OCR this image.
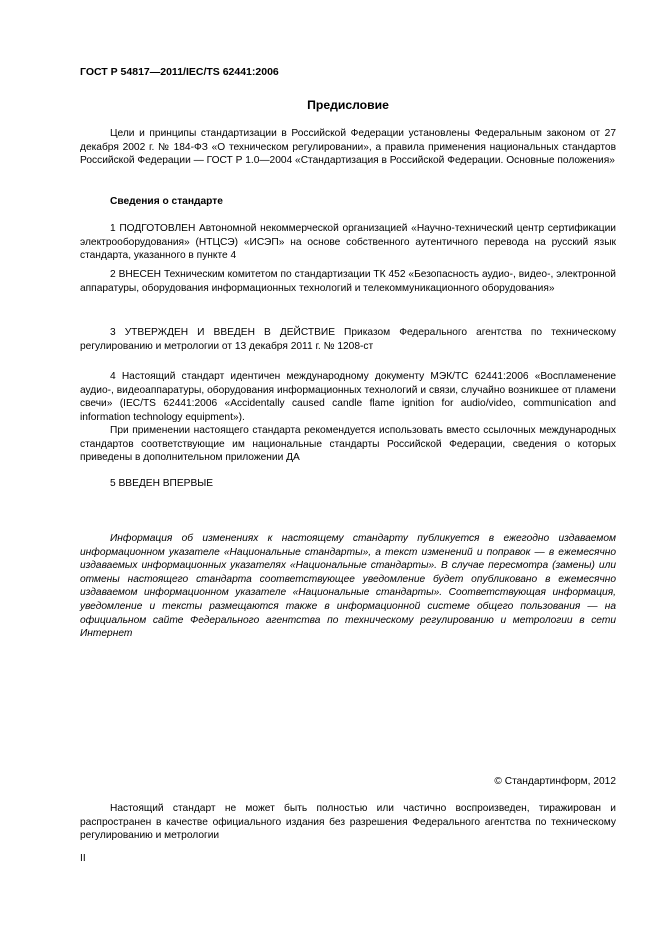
ГОСТ Р 54817—2011/IEC/TS 62441:2006
Предисловие

Цели и принципы стандартизации в Российской Федерации установлены Федеральным законом от 27 декабря 2002 г. № 184-ФЗ «О техническом регулировании», а правила применения национальных стандартов Российской Федерации — ГОСТ Р 1.0—2004 «Стандартизация в Российской Федерации. Основные положения»

Сведения о стандарте

1 ПОДГОТОВЛЕН Автономной некоммерческой организацией «Научно-технический центр сертификации электрооборудования» (НТЦСЭ) «ИСЭП» на основе собственного аутентичного перевода на русский язык стандарта, указанного в пункте 4

2 ВНЕСЕН Техническим комитетом по стандартизации ТК 452 «Безопасность аудио-, видео-, электронной аппаратуры, оборудования информационных технологий и телекоммуникационного оборудования»

3 УТВЕРЖДЕН И ВВЕДЕН В ДЕЙСТВИЕ Приказом Федерального агентства по техническому регулированию и метрологии от 13 декабря 2011 г. № 1208-ст

4 Настоящий стандарт идентичен международному документу МЭК/ТС 62441:2006 «Воспламенение аудио-, видеоаппаратуры, оборудования информационных технологий и связи, случайно возникшее от пламени свечи» (IEC/TS 62441:2006 «Accidentally caused candle flame ignition for audio/video, communication and information technology equipment»).

При применении настоящего стандарта рекомендуется использовать вместо ссылочных международных стандартов соответствующие им национальные стандарты Российской Федерации, сведения о которых приведены в дополнительном приложении ДА

5 ВВЕДЕН ВПЕРВЫЕ

Информация об изменениях к настоящему стандарту публикуется в ежегодно издаваемом информационном указателе «Национальные стандарты», а текст изменений и поправок — в ежемесячно издаваемых информационных указателях «Национальные стандарты». В случае пересмотра (замены) или отмены настоящего стандарта соответствующее уведомление будет опубликовано в ежемесячно издаваемом информационном указателе «Национальные стандарты». Соответствующая информация, уведомление и тексты размещаются также в информационной системе общего пользования — на официальном сайте Федерального агентства по техническому регулированию и метрологии в сети Интернет

© Стандартинформ, 2012

Настоящий стандарт не может быть полностью или частично воспроизведен, тиражирован и распространен в качестве официального издания без разрешения Федерального агентства по техническому регулированию и метрологии

II
